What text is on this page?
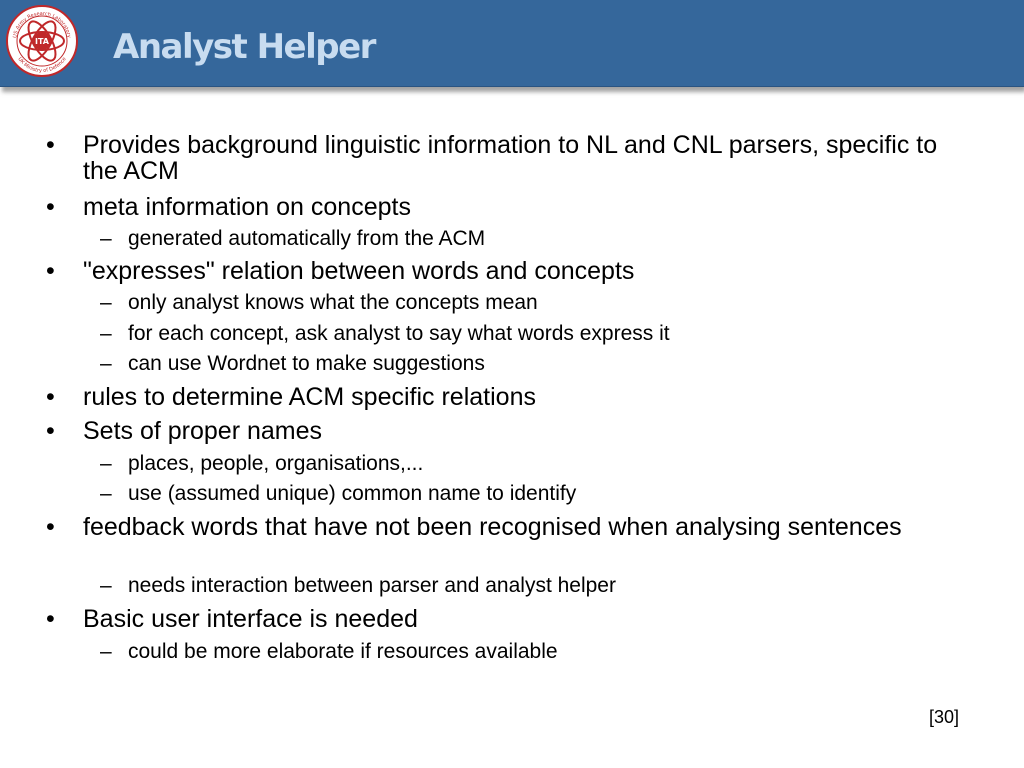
ITA
US Army Research Laboratory
UK Ministry of Defence Analyst Helper
• Provides background linguistic information to NL and CNL parsers, specific to the ACM
• meta information on concepts
– generated automatically from the ACM
• "expresses" relation between words and concepts
– only analyst knows what the concepts mean
– for each concept, ask analyst to say what words express it
– can use Wordnet to make suggestions
• rules to determine ACM specific relations
• Sets of proper names
– places, people, organisations,...
– use (assumed unique) common name to identify
• feedback words that have not been recognised when analysing sentences
– needs interaction between parser and analyst helper
• Basic user interface is needed
– could be more elaborate if resources available
[30]
